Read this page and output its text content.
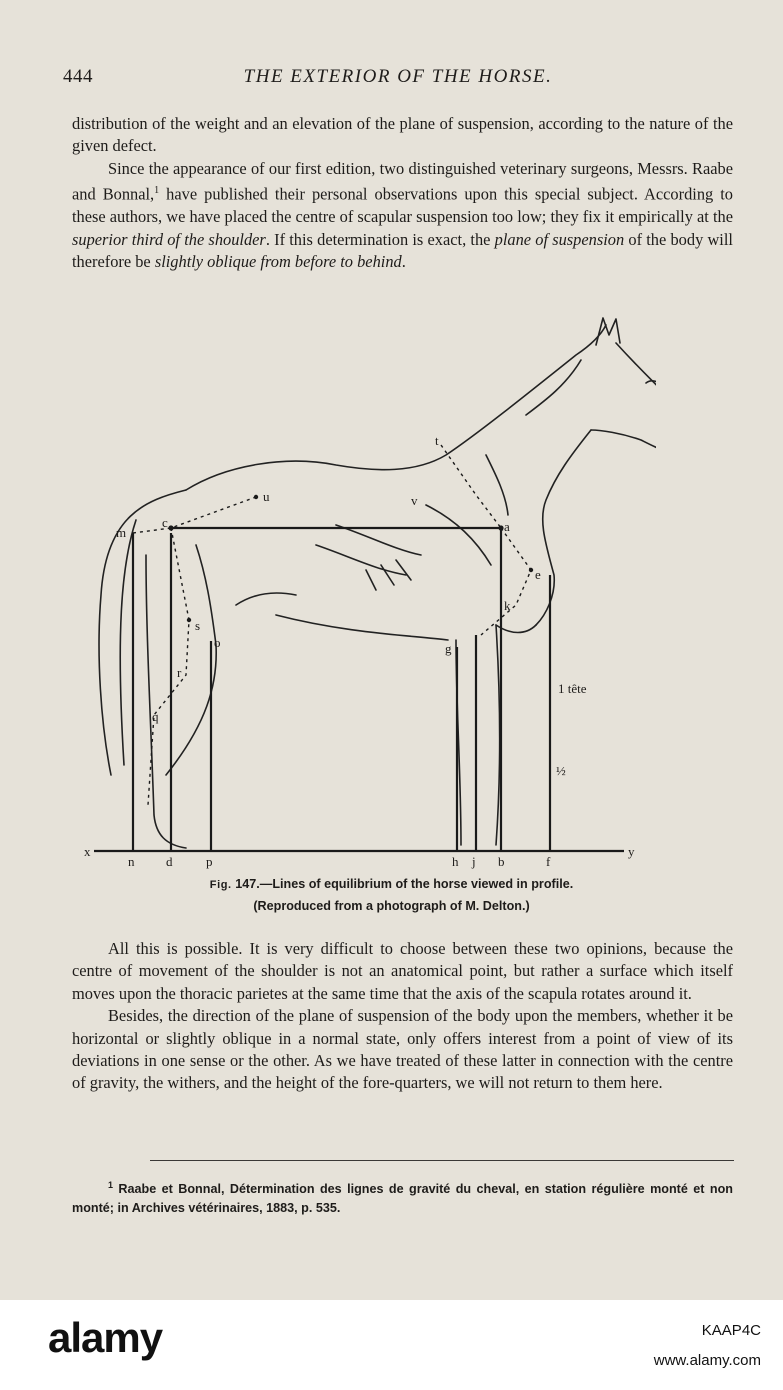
444	THE EXTERIOR OF THE HORSE.

distribution of the weight and an elevation of the plane of suspension, according to the nature of the given defect.

Since the appearance of our first edition, two distinguished veterinary surgeons, Messrs. Raabe and Bonnal,$^1$ have published their personal observations upon this special subject. According to these authors, we have placed the centre of scapular suspension too low; they fix it empirically at the superior third of the shoulder. If this determination is exact, the plane of suspension of the body will therefore be slightly oblique from before to behind.

m
c
u	v
t
a
e
k
s
o	g
r
q
x	y
n d	p	h j b	f
1 tête
½
Fig. 147.—Lines of equilibrium of the horse viewed in profile.
(Reproduced from a photograph of M. Delton.)

All this is possible. It is very difficult to choose between these two opinions, because the centre of movement of the shoulder is not an anatomical point, but rather a surface which itself moves upon the thoracic parietes at the same time that the axis of the scapula rotates around it.

Besides, the direction of the plane of suspension of the body upon the members, whether it be horizontal or slightly oblique in a normal state, only offers interest from a point of view of its deviations in one sense or the other. As we have treated of these latter in connection with the centre of gravity, the withers, and the height of the fore-quarters, we will not return to them here.

$^1$ Raabe et Bonnal, Détermination des lignes de gravité du cheval, en station régulière monté et non monté; in Archives vétérinaires, 1883, p. 535.
alamy	KAAP4C
www.alamy.com
